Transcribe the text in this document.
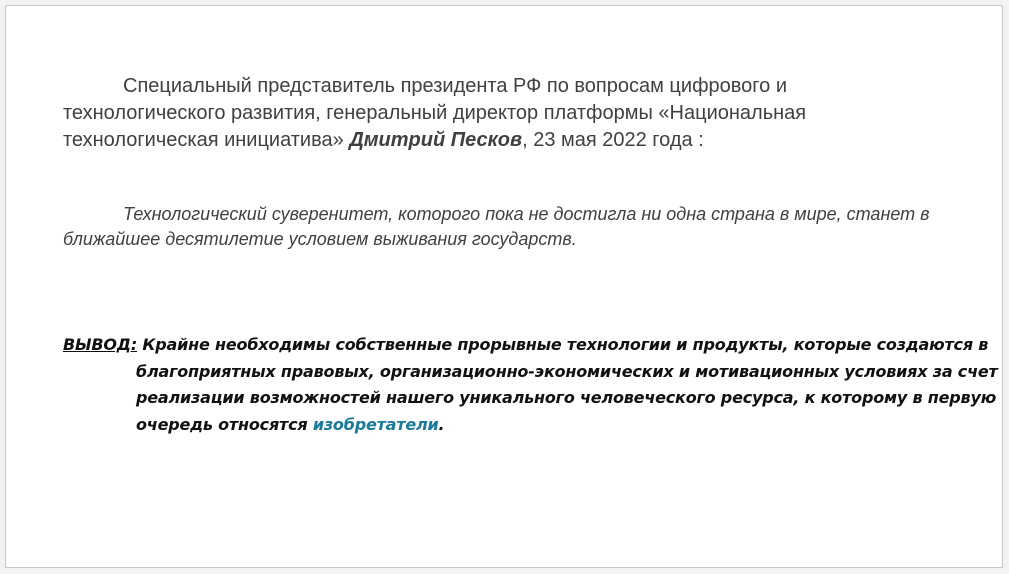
Специальный представитель президента РФ по вопросам цифрового и технологического развития, генеральный директор платформы «Национальная технологическая инициатива» Дмитрий Песков, 23 мая 2022 года :

Технологический суверенитет, которого пока не достигла ни одна страна в мире, станет в ближайшее десятилетие условием выживания государств.

ВЫВОД: Крайне необходимы собственные прорывные технологии и продукты, которые создаются в благоприятных правовых, организационно-экономических и мотивационных условиях за счет реализации возможностей нашего уникального человеческого ресурса, к которому в первую очередь относятся изобретатели.
